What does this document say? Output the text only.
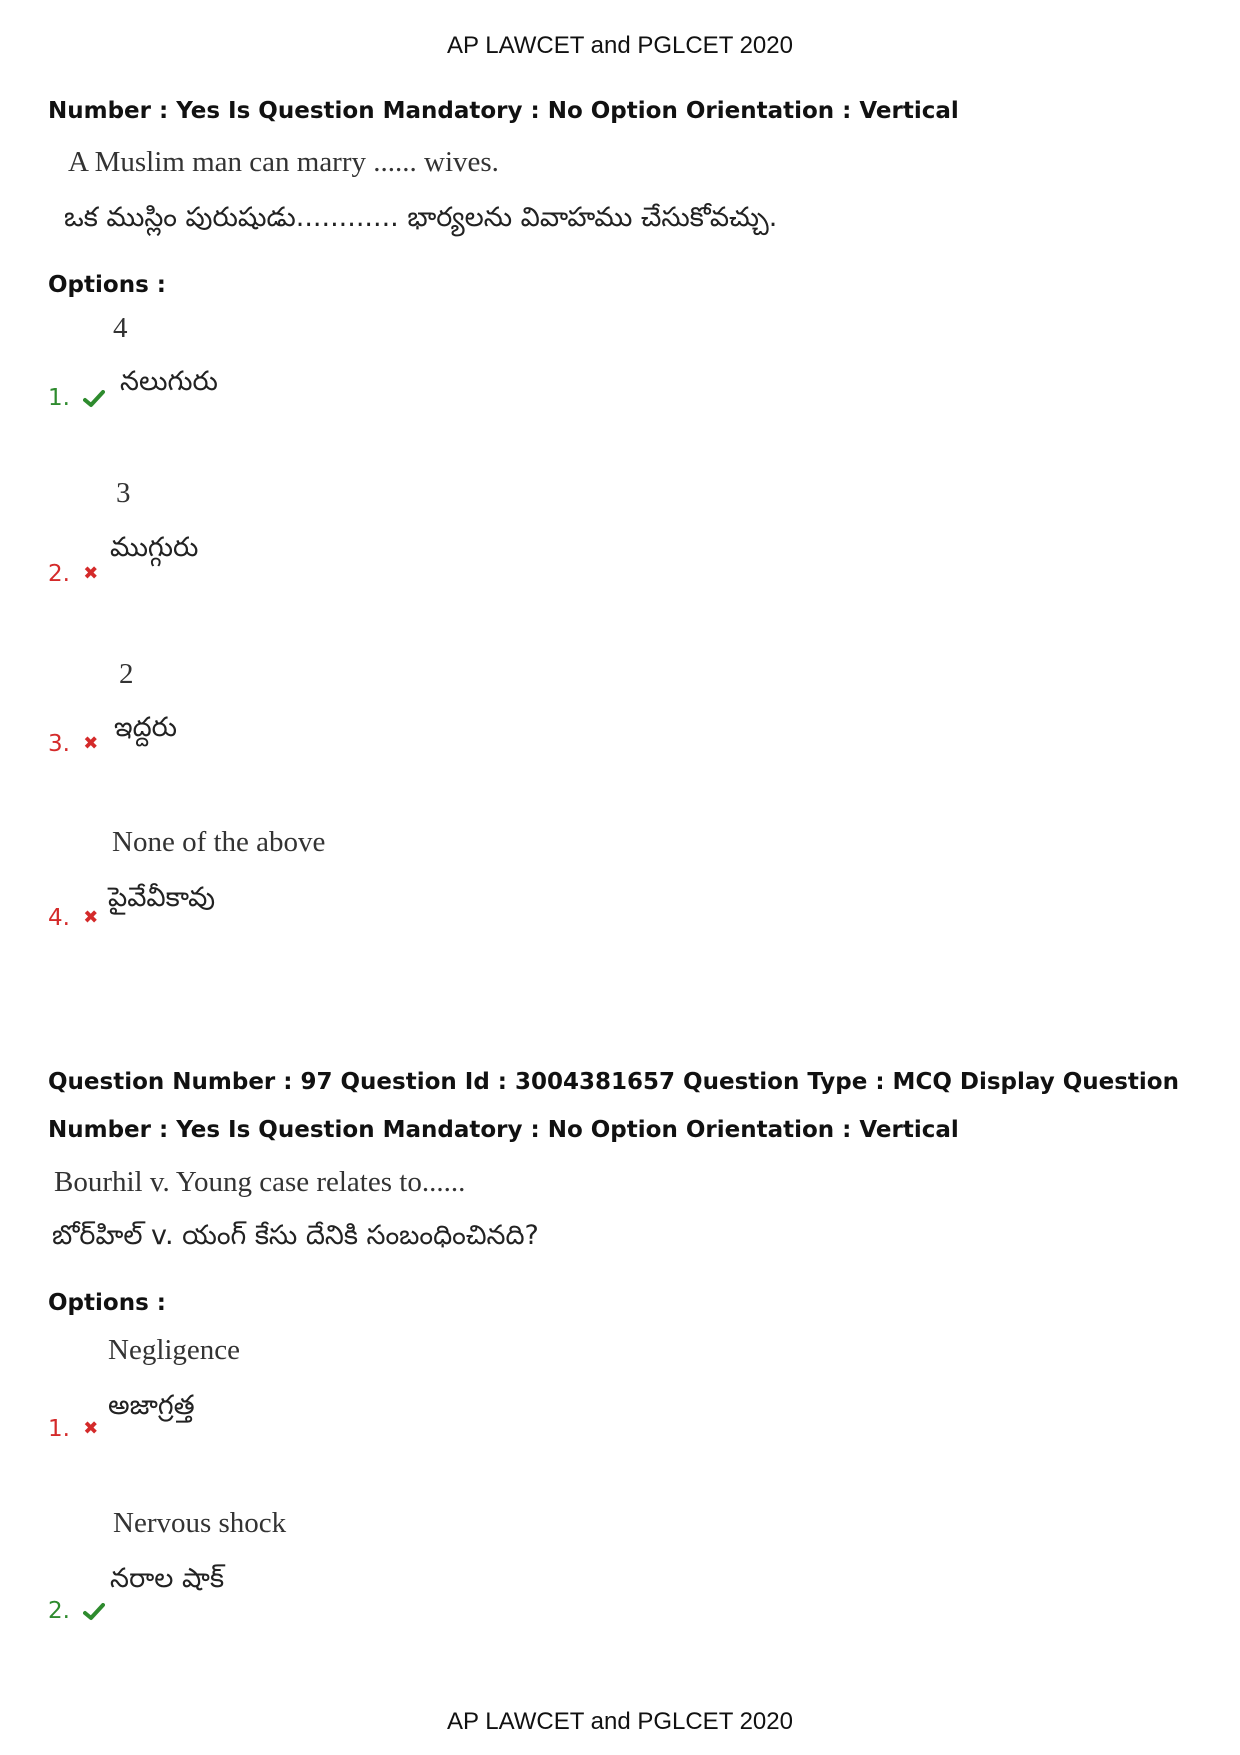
AP LAWCET and PGLCET 2020
Number : Yes Is Question Mandatory : No Option Orientation : Vertical
A Muslim man can marry ...... wives.
ఒక ముస్లిం పురుషుడు............ భార్యలను వివాహము చేసుకోవచ్చు.
Options :
4
నలుగురు
1.
3
ముగ్గురు
2. ✖
2
ఇద్దరు
3. ✖
None of the above
పైవేవీకావు
4. ✖
Question Number : 97 Question Id : 3004381657 Question Type : MCQ Display Question
Number : Yes Is Question Mandatory : No Option Orientation : Vertical
Bourhil v. Young case relates to......
బోర్‌హిల్ v. యంగ్ కేసు దేనికి సంబంధించినది?
Options :
Negligence
అజాగ్రత్త
1. ✖
Nervous shock
నరాల షాక్
2.
AP LAWCET and PGLCET 2020
